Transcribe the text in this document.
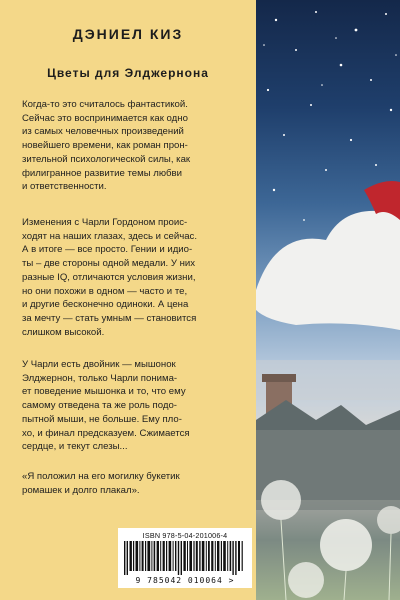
ДЭНИЕЛ КИЗ
Цветы для Элджернона

Когда-то это считалось фантастикой.

Сейчас это воспринимается как одно

из самых человечных произведений

новейшего времени, как роман прон-

зительной психологической силы, как

филигранное развитие темы любви

и ответственности.

Изменения с Чарли Гордоном проис-

ходят на наших глазах, здесь и сейчас.

А в итоге — все просто. Гении и идио-

ты – две стороны одной медали. У них

разные IQ, отличаются условия жизни,

но они похожи в одном — часто и те,

и другие бесконечно одиноки. А цена

за мечту — стать умным — становится

слишком высокой.

У Чарли есть двойник — мышонок

Элджернон, только Чарли понима-

ет поведение мышонка и то, что ему

самому отведена та же роль подо-

пытной мыши, не больше. Ему пло-

хо, и финал предсказуем. Сжимается

сердце, и текут слезы...

«Я положил на его могилку букетик

ромашек и долго плакал».

ISBN 978-5-04-201006-4
9 785042 010064 >
